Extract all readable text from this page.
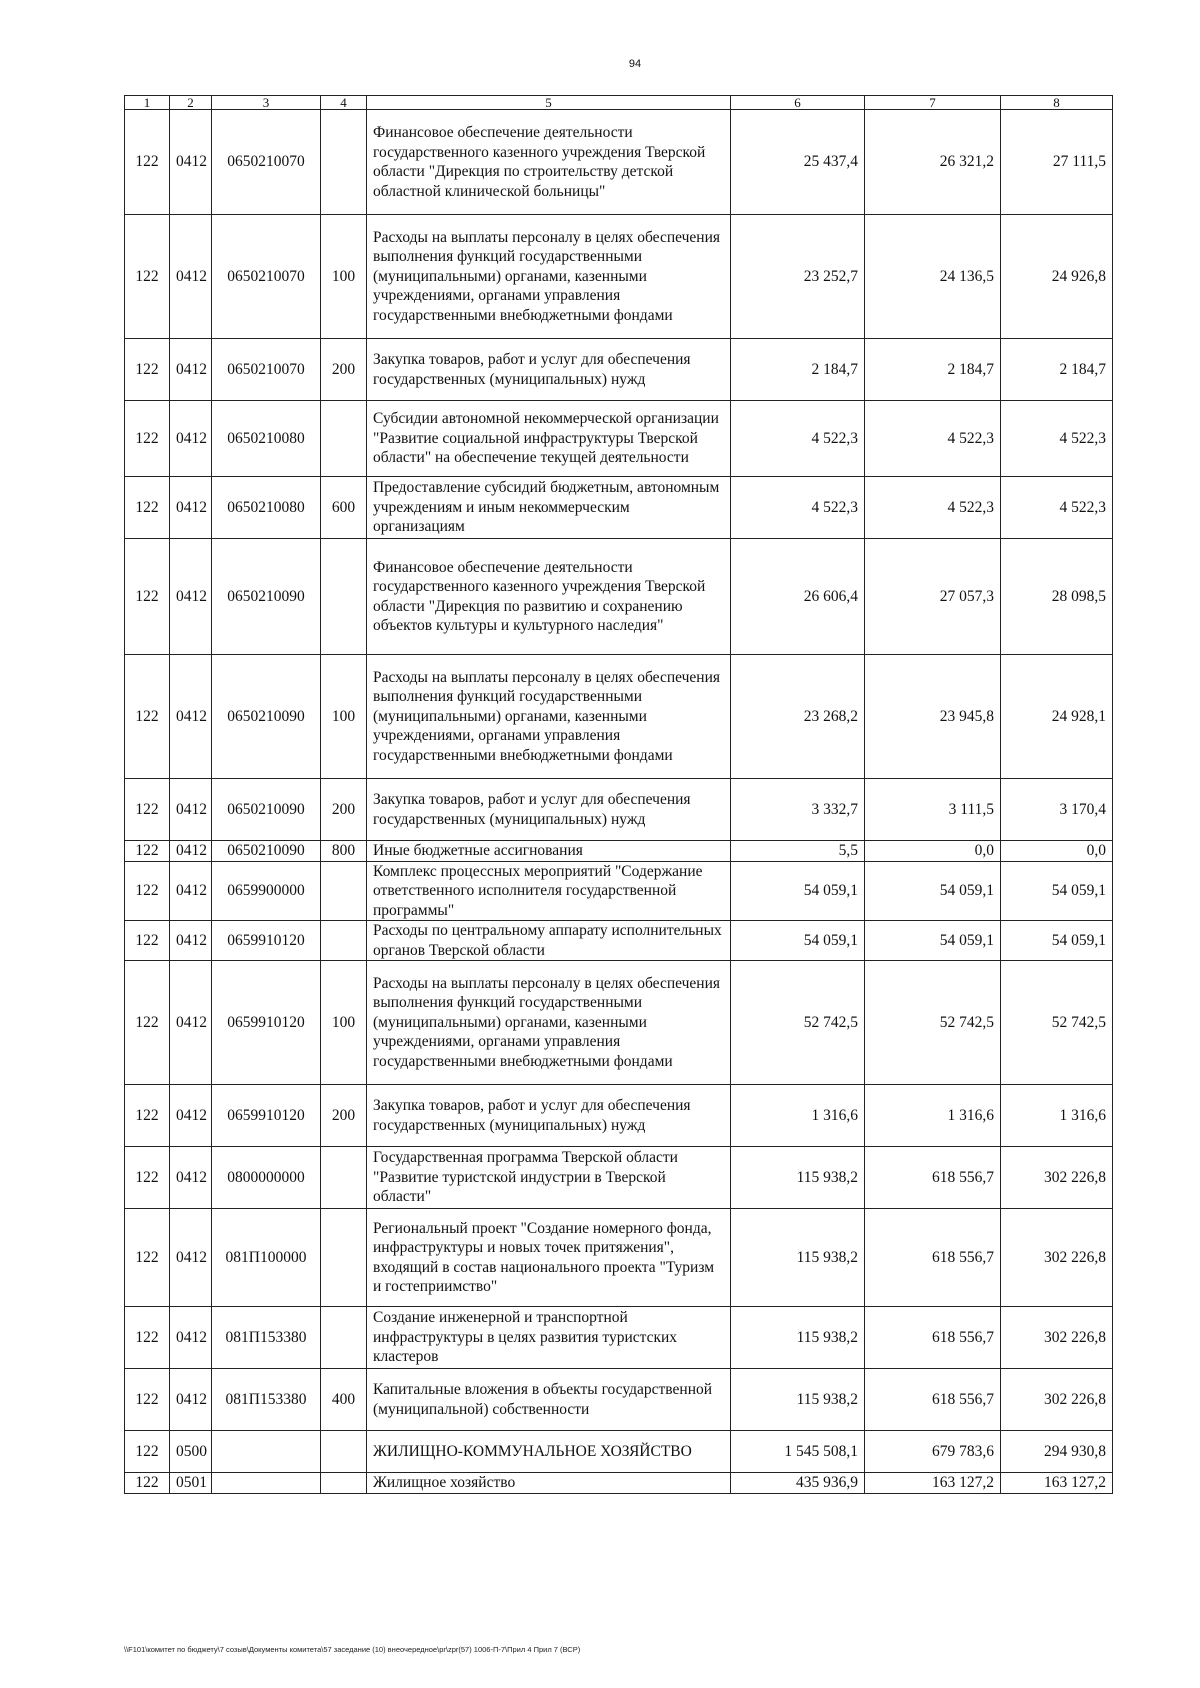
94
1	2	3	4	5	6	7	8
122	0412	0650210070		Финансовое обеспечение деятельности государственного казенного учреждения Тверской области "Дирекция по строительству детской областной клинической больницы"	25 437,4	26 321,2	27 111,5
122	0412	0650210070	100	Расходы на выплаты персоналу в целях обеспечения выполнения функций государственными (муниципальными) органами, казенными учреждениями, органами управления государственными внебюджетными фондами	23 252,7	24 136,5	24 926,8
122	0412	0650210070	200	Закупка товаров, работ и услуг для обеспечения государственных (муниципальных) нужд	2 184,7	2 184,7	2 184,7
122	0412	0650210080		Субсидии автономной некоммерческой организации "Развитие социальной инфраструктуры Тверской области" на обеспечение текущей деятельности	4 522,3	4 522,3	4 522,3
122	0412	0650210080	600	Предоставление субсидий бюджетным, автономным учреждениям и иным некоммерческим организациям	4 522,3	4 522,3	4 522,3
122	0412	0650210090		Финансовое обеспечение деятельности государственного казенного учреждения Тверской области "Дирекция по развитию и сохранению объектов культуры и культурного наследия"	26 606,4	27 057,3	28 098,5
122	0412	0650210090	100	Расходы на выплаты персоналу в целях обеспечения выполнения функций государственными (муниципальными) органами, казенными учреждениями, органами управления государственными внебюджетными фондами	23 268,2	23 945,8	24 928,1
122	0412	0650210090	200	Закупка товаров, работ и услуг для обеспечения государственных (муниципальных) нужд	3 332,7	3 111,5	3 170,4
122	0412	0650210090	800	Иные бюджетные ассигнования	5,5	0,0	0,0
122	0412	0659900000		Комплекс процессных мероприятий "Содержание ответственного исполнителя государственной программы"	54 059,1	54 059,1	54 059,1
122	0412	0659910120		Расходы по центральному аппарату исполнительных органов Тверской области	54 059,1	54 059,1	54 059,1
122	0412	0659910120	100	Расходы на выплаты персоналу в целях обеспечения выполнения функций государственными (муниципальными) органами, казенными учреждениями, органами управления государственными внебюджетными фондами	52 742,5	52 742,5	52 742,5
122	0412	0659910120	200	Закупка товаров, работ и услуг для обеспечения государственных (муниципальных) нужд	1 316,6	1 316,6	1 316,6
122	0412	0800000000		Государственная программа Тверской области "Развитие туристской индустрии в Тверской области"	115 938,2	618 556,7	302 226,8
122	0412	081П100000		Региональный проект "Создание номерного фонда, инфраструктуры и новых точек притяжения", входящий в состав национального проекта "Туризм и гостеприимство"	115 938,2	618 556,7	302 226,8
122	0412	081П153380		Создание инженерной и транспортной инфраструктуры в целях развития туристских кластеров	115 938,2	618 556,7	302 226,8
122	0412	081П153380	400	Капитальные вложения в объекты государственной (муниципальной) собственности	115 938,2	618 556,7	302 226,8
122	0500			ЖИЛИЩНО-КОММУНАЛЬНОЕ ХОЗЯЙСТВО	1 545 508,1	679 783,6	294 930,8
122	0501			Жилищное хозяйство	435 936,9	163 127,2	163 127,2
\\F101\комитет по бюджету\7 созыв\Документы комитета\57 заседание (10) внеочередное\pr\zpr(57) 1006-П-7\Прил 4 Прил 7 (ВСР)
